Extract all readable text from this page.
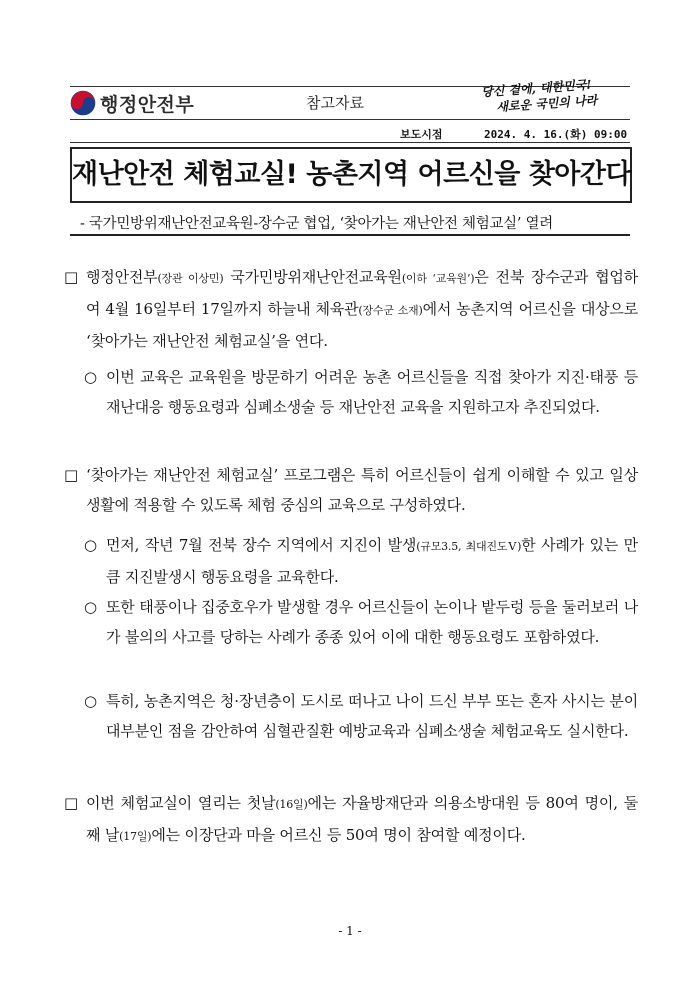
행정안전부	참고자료
당신 곁에, 대한민국!
새로운 국민의 나라
보도시점	2024. 4. 16.(화) 09:00
재난안전 체험교실! 농촌지역 어르신을 찾아간다
- 국가민방위재난안전교육원-장수군 협업, ‘찾아가는 재난안전 체험교실’ 열려
□ 행정안전부(장관 이상민) 국가민방위재난안전교육원(이하 ‘교육원’)은 전북 장수군과 협업하여 4월 16일부터 17일까지 하늘내 체육관(장수군 소재)에서 농촌지역 어르신을 대상으로 ‘찾아가는 재난안전 체험교실’을 연다.
○ 이번 교육은 교육원을 방문하기 어려운 농촌 어르신들을 직접 찾아가 지진·태풍 등 재난대응 행동요령과 심폐소생술 등 재난안전 교육을 지원하고자 추진되었다.
□ ‘찾아가는 재난안전 체험교실’ 프로그램은 특히 어르신들이 쉽게 이해할 수 있고 일상생활에 적용할 수 있도록 체험 중심의 교육으로 구성하였다.
○ 먼저, 작년 7월 전북 장수 지역에서 지진이 발생(규모3.5, 최대진도Ⅴ)한 사례가 있는 만큼 지진발생시 행동요령을 교육한다.
○ 또한 태풍이나 집중호우가 발생할 경우 어르신들이 논이나 밭두렁 등을 둘러보러 나가 불의의 사고를 당하는 사례가 종종 있어 이에 대한 행동요령도 포함하였다.
○ 특히, 농촌지역은 청·장년층이 도시로 떠나고 나이 드신 부부 또는 혼자 사시는 분이 대부분인 점을 감안하여 심혈관질환 예방교육과 심폐소생술 체험교육도 실시한다.
□ 이번 체험교실이 열리는 첫날(16일)에는 자율방재단과 의용소방대원 등 80여 명이, 둘째 날(17일)에는 이장단과 마을 어르신 등 50여 명이 참여할 예정이다.
- 1 -
